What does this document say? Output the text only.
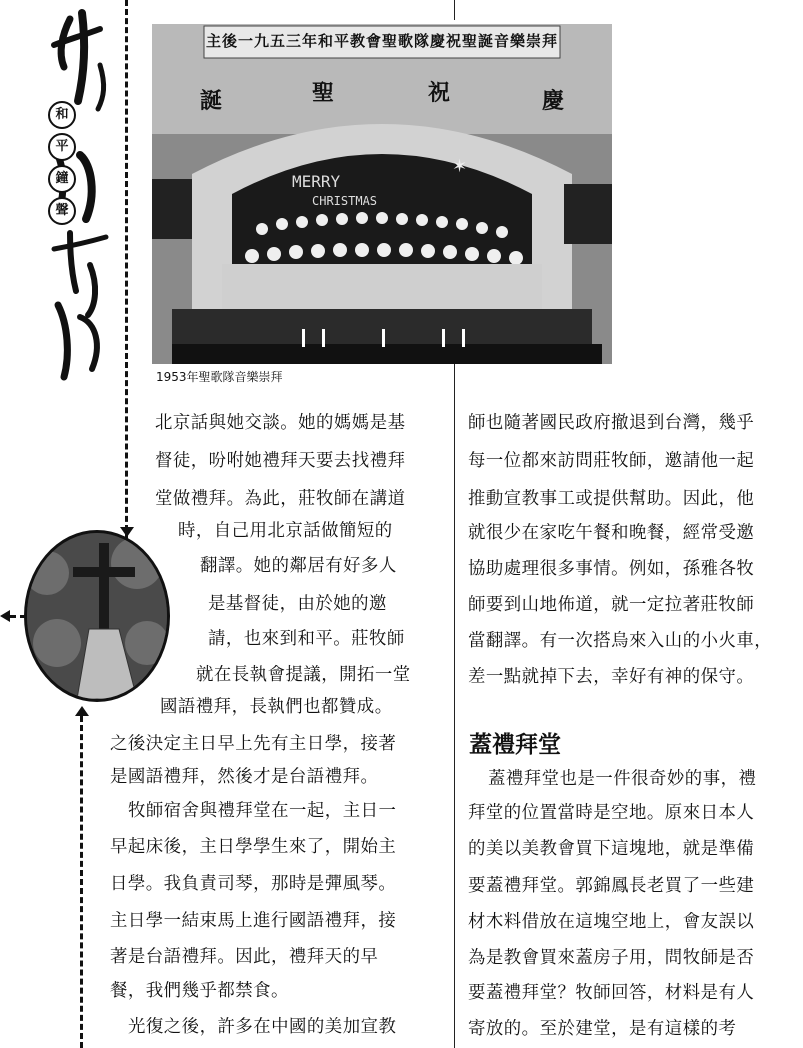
和
平
鐘
聲
主後一九五三年和平教會聖歌隊慶祝聖誕音樂崇拜
誕	聖	祝	慶
MERRY
CHRISTMAS
✶
1953年聖歌隊音樂崇拜
北京話與她交談。她的媽媽是基
督徒，吩咐她禮拜天要去找禮拜
堂做禮拜。為此，莊牧師在講道
時，自己用北京話做簡短的
翻譯。她的鄰居有好多人
是基督徒，由於她的邀
請，也來到和平。莊牧師
就在長執會提議，開拓一堂
國語禮拜，長執們也都贊成。
之後決定主日早上先有主日學，接著
是國語禮拜，然後才是台語禮拜。
牧師宿舍與禮拜堂在一起，主日一
早起床後，主日學學生來了，開始主
日學。我負責司琴，那時是彈風琴。
主日學一結束馬上進行國語禮拜，接
著是台語禮拜。因此，禮拜天的早
餐，我們幾乎都禁食。
光復之後，許多在中國的美加宣教
師也隨著國民政府撤退到台灣，幾乎
每一位都來訪問莊牧師，邀請他一起
推動宣教事工或提供幫助。因此，他
就很少在家吃午餐和晚餐，經常受邀
協助處理很多事情。例如，孫雅各牧
師要到山地佈道，就一定拉著莊牧師
當翻譯。有一次搭烏來入山的小火車，
差一點就掉下去，幸好有神的保守。
蓋禮拜堂
蓋禮拜堂也是一件很奇妙的事，禮
拜堂的位置當時是空地。原來日本人
的美以美教會買下這塊地，就是準備
要蓋禮拜堂。郭錦鳳長老買了一些建
材木料借放在這塊空地上，會友誤以
為是教會買來蓋房子用，問牧師是否
要蓋禮拜堂？牧師回答，材料是有人
寄放的。至於建堂，是有這樣的考
